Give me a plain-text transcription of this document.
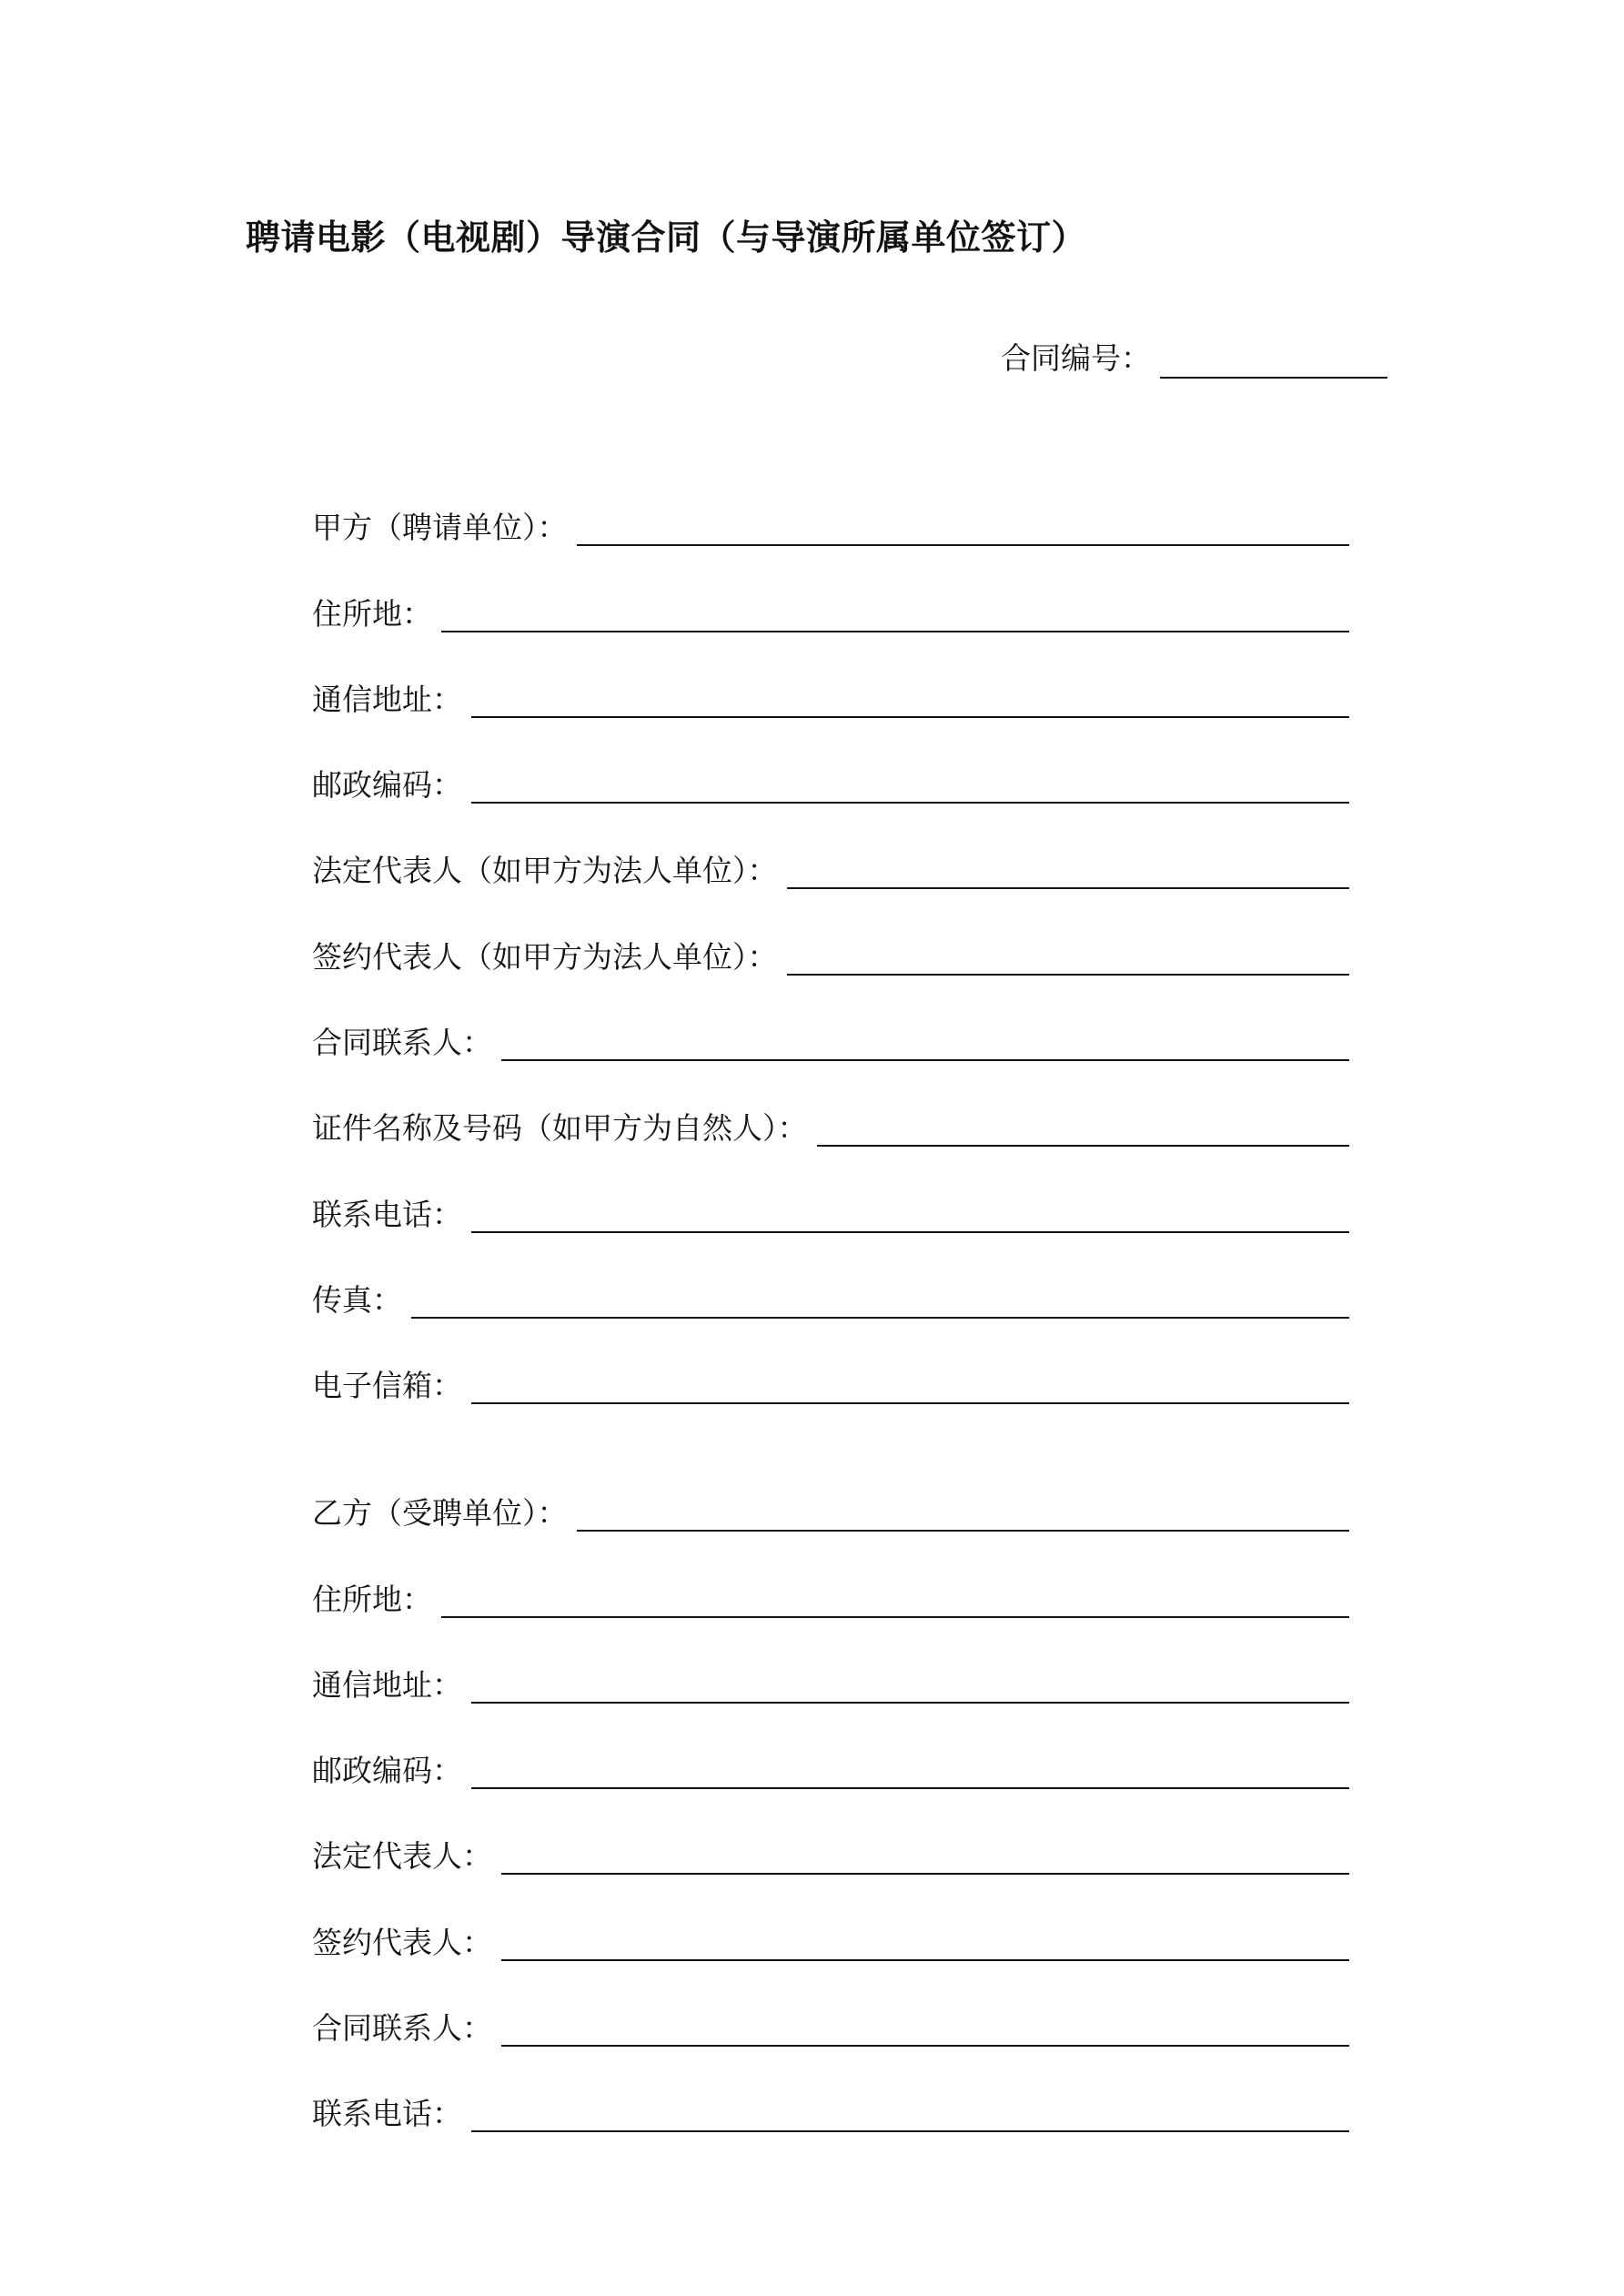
聘请电影（电视剧）导演合同（与导演所属单位签订）
合同编号：
甲方（聘请单位）：
住所地：
通信地址：
邮政编码：
法定代表人（如甲方为法人单位）：
签约代表人（如甲方为法人单位）：
合同联系人：
证件名称及号码（如甲方为自然人）：
联系电话：
传真：
电子信箱：
乙方（受聘单位）：
住所地：
通信地址：
邮政编码：
法定代表人：
签约代表人：
合同联系人：
联系电话：
